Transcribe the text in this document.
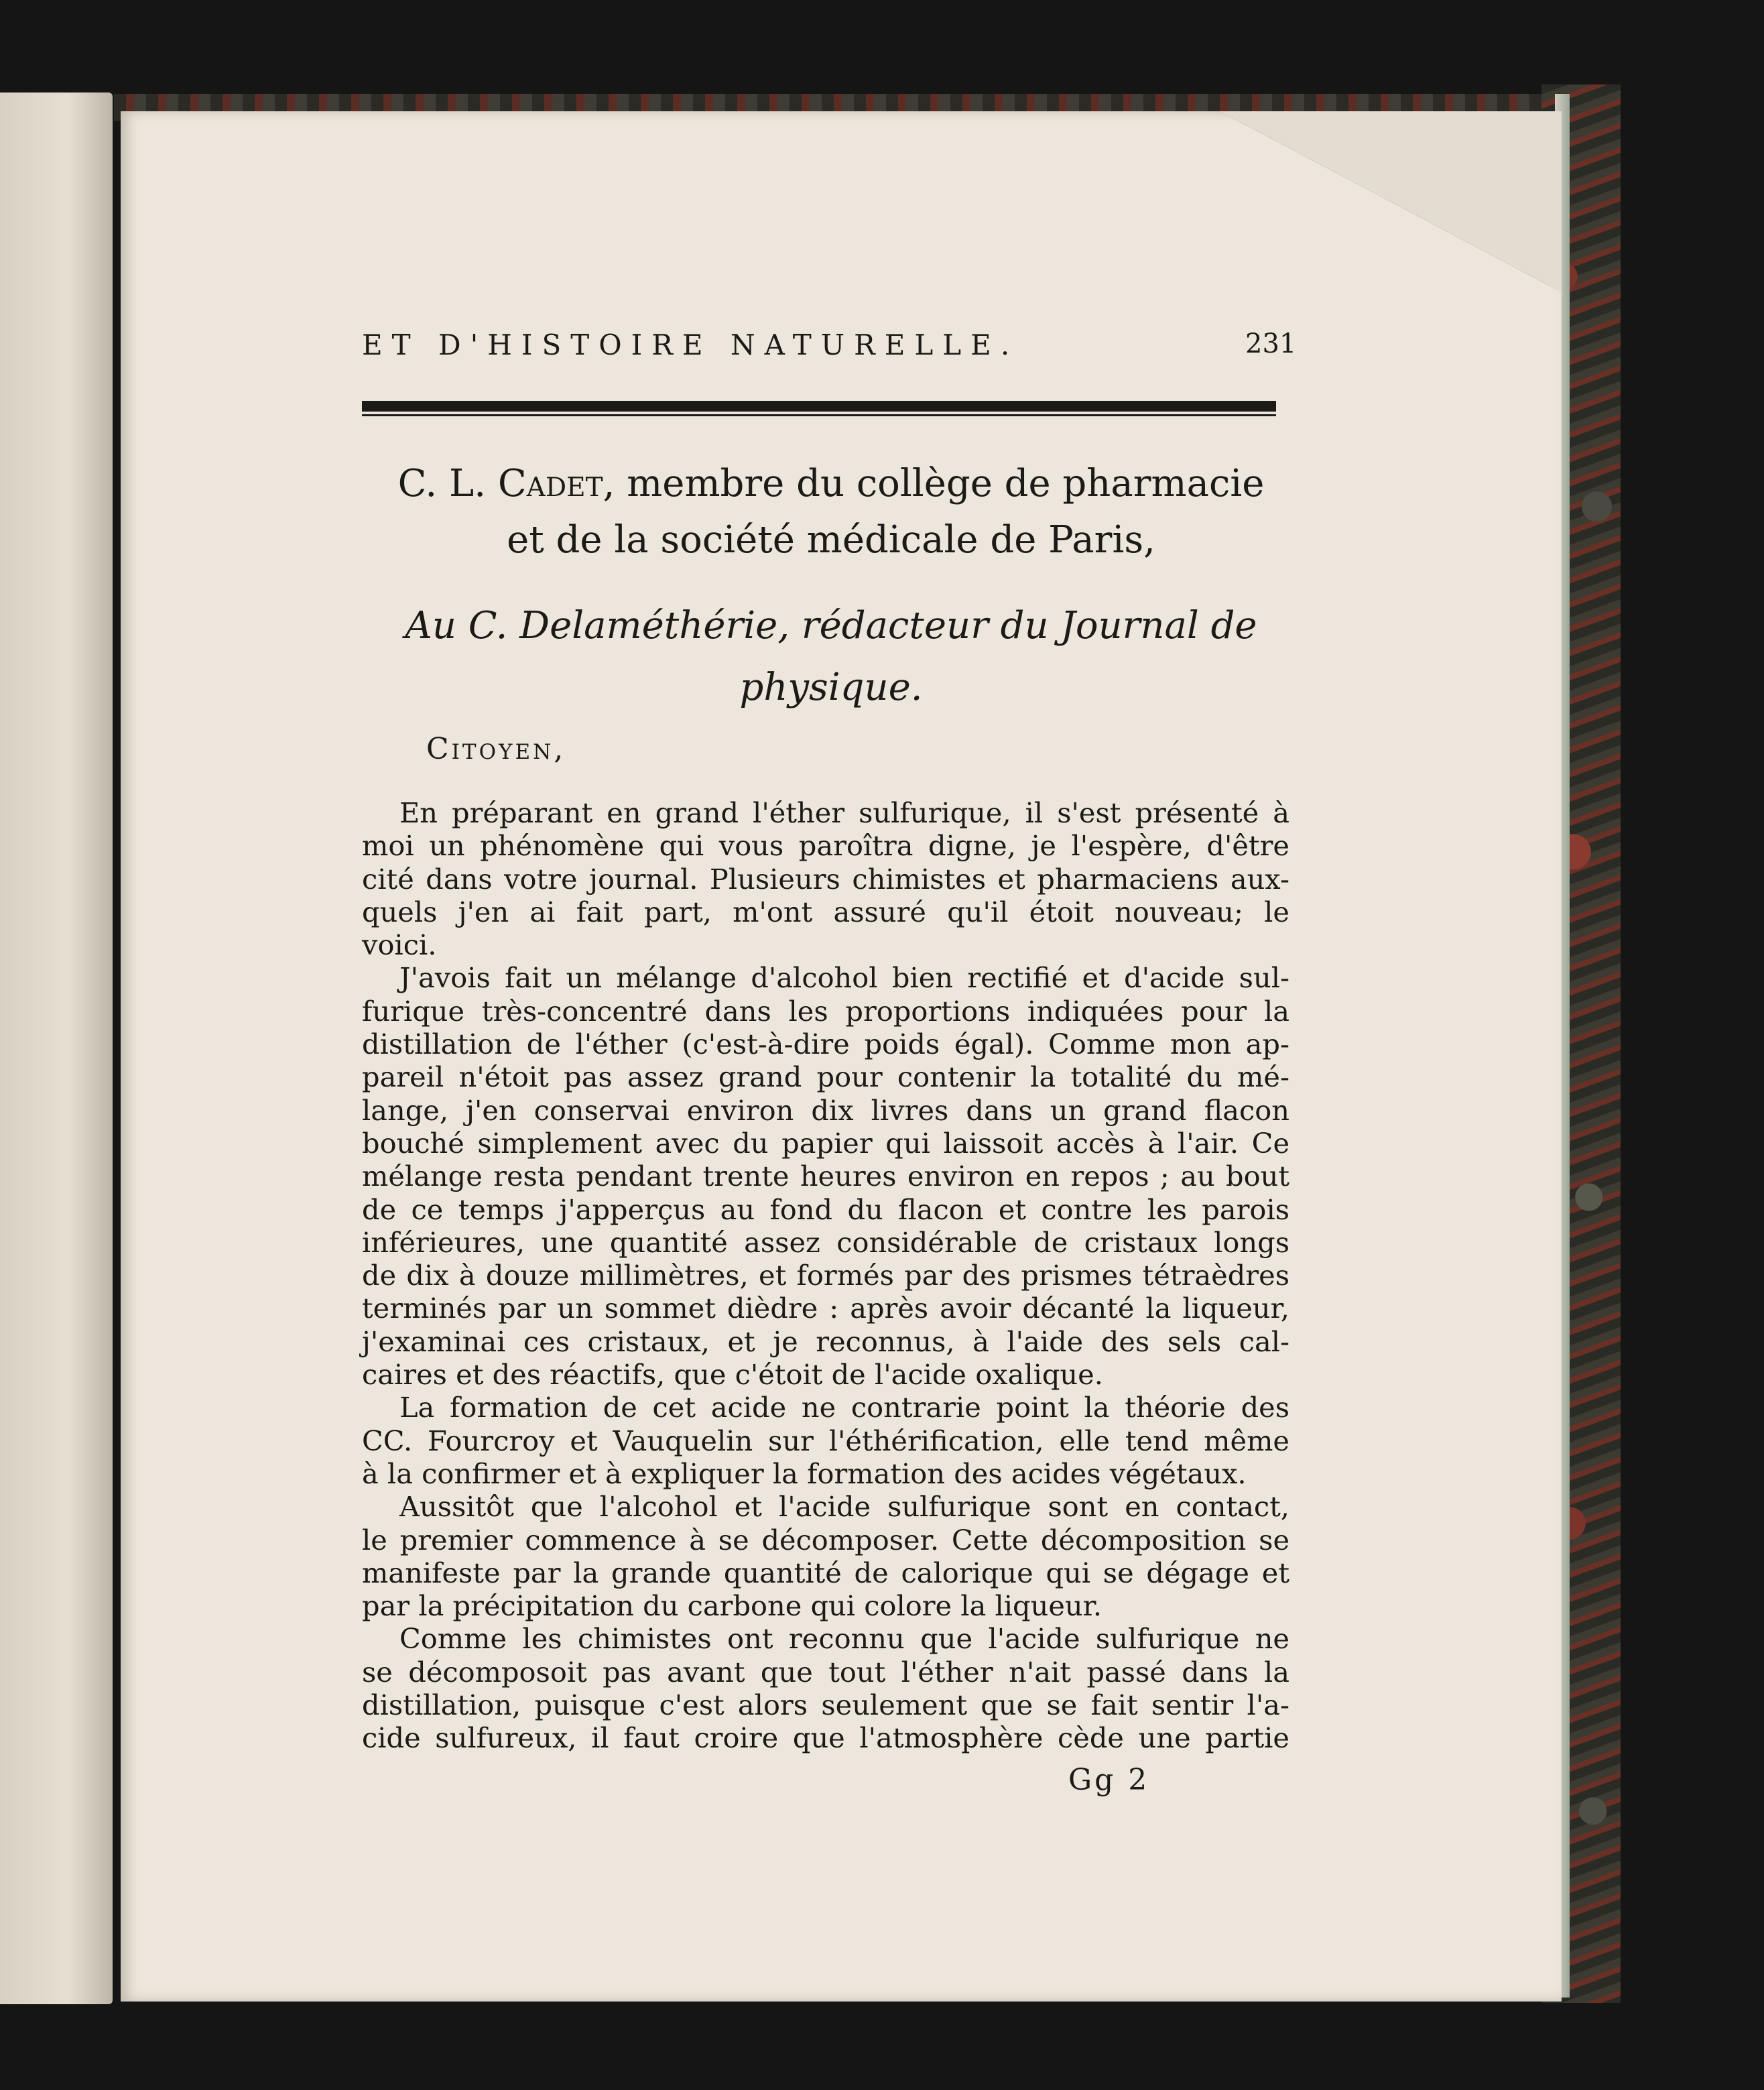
ET D'HISTOIRE NATURELLE.	231
C. L. Cadet, membre du collège de pharmacie
et de la société médicale de Paris,
Au C. Delaméthérie, rédacteur du Journal de
physique.
Citoyen,
En préparant en grand l'éther sulfurique, il s'est présenté à
moi un phénomène qui vous paroîtra digne, je l'espère, d'être
cité dans votre journal. Plusieurs chimistes et pharmaciens aux-
quels j'en ai fait part, m'ont assuré qu'il étoit nouveau; le
voici.
J'avois fait un mélange d'alcohol bien rectifié et d'acide sul-
furique très-concentré dans les proportions indiquées pour la
distillation de l'éther (c'est-à-dire poids égal). Comme mon ap-
pareil n'étoit pas assez grand pour contenir la totalité du mé-
lange, j'en conservai environ dix livres dans un grand flacon
bouché simplement avec du papier qui laissoit accès à l'air. Ce
mélange resta pendant trente heures environ en repos ; au bout
de ce temps j'apperçus au fond du flacon et contre les parois
inférieures, une quantité assez considérable de cristaux longs
de dix à douze millimètres, et formés par des prismes tétraèdres
terminés par un sommet dièdre : après avoir décanté la liqueur,
j'examinai ces cristaux, et je reconnus, à l'aide des sels cal-
caires et des réactifs, que c'étoit de l'acide oxalique.
La formation de cet acide ne contrarie point la théorie des
CC. Fourcroy et Vauquelin sur l'éthérification, elle tend même
à la confirmer et à expliquer la formation des acides végétaux.
Aussitôt que l'alcohol et l'acide sulfurique sont en contact,
le premier commence à se décomposer. Cette décomposition se
manifeste par la grande quantité de calorique qui se dégage et
par la précipitation du carbone qui colore la liqueur.
Comme les chimistes ont reconnu que l'acide sulfurique ne
se décomposoit pas avant que tout l'éther n'ait passé dans la
distillation, puisque c'est alors seulement que se fait sentir l'a-
cide sulfureux, il faut croire que l'atmosphère cède une partie
Gg 2
